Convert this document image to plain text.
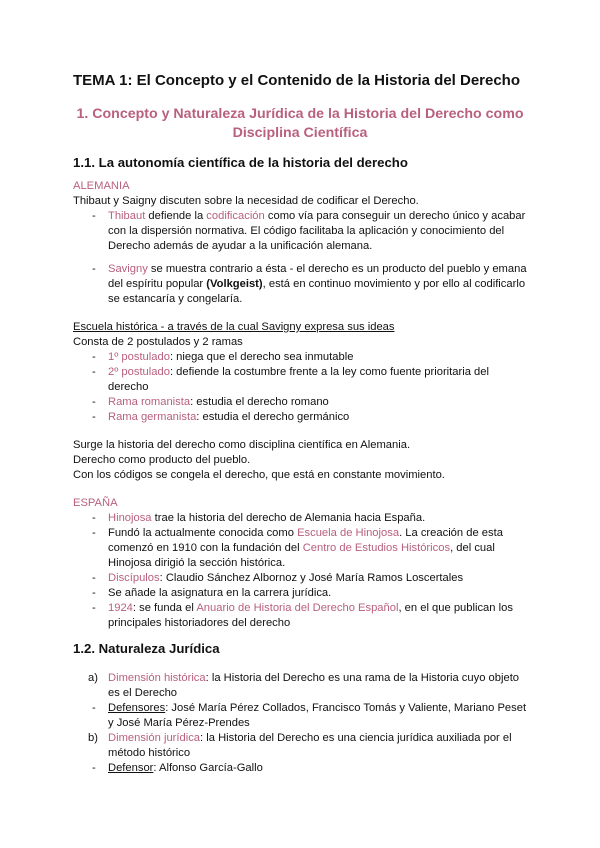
TEMA 1: El Concepto y el Contenido de la Historia del Derecho
1. Concepto y Naturaleza Jurídica de la Historia del Derecho como
Disciplina Científica
1.1. La autonomía científica de la historia del derecho
ALEMANIA
Thibaut y Saigny discuten sobre la necesidad de codificar el Derecho.
- Thibaut defiende la codificación como vía para conseguir un derecho único y acabar
con la dispersión normativa. El código facilitaba la aplicación y conocimiento del
Derecho además de ayudar a la unificación alemana.
- Savigny se muestra contrario a ésta - el derecho es un producto del pueblo y emana
del espíritu popular (Volkgeist), está en continuo movimiento y por ello al codificarlo
se estancaría y congelaría.
Escuela histórica - a través de la cual Savigny expresa sus ideas
Consta de 2 postulados y 2 ramas
- 1º postulado: niega que el derecho sea inmutable
- 2º postulado: defiende la costumbre frente a la ley como fuente prioritaria del
derecho
- Rama romanista: estudia el derecho romano
- Rama germanista: estudia el derecho germánico
Surge la historia del derecho como disciplina científica en Alemania.
Derecho como producto del pueblo.
Con los códigos se congela el derecho, que está en constante movimiento.
ESPAÑA
- Hinojosa trae la historia del derecho de Alemania hacia España.
- Fundó la actualmente conocida como Escuela de Hinojosa. La creación de esta
comenzó en 1910 con la fundación del Centro de Estudios Históricos, del cual
Hinojosa dirigió la sección histórica.
- Discípulos: Claudio Sánchez Albornoz y José María Ramos Loscertales
- Se añade la asignatura en la carrera jurídica.
- 1924: se funda el Anuario de Historia del Derecho Español, en el que publican los
principales historiadores del derecho
1.2. Naturaleza Jurídica
a) Dimensión histórica: la Historia del Derecho es una rama de la Historia cuyo objeto
es el Derecho
- Defensores: José María Pérez Collados, Francisco Tomás y Valiente, Mariano Peset
y José María Pérez-Prendes
b) Dimensión jurídica: la Historia del Derecho es una ciencia jurídica auxiliada por el
método histórico
- Defensor: Alfonso García-Gallo
